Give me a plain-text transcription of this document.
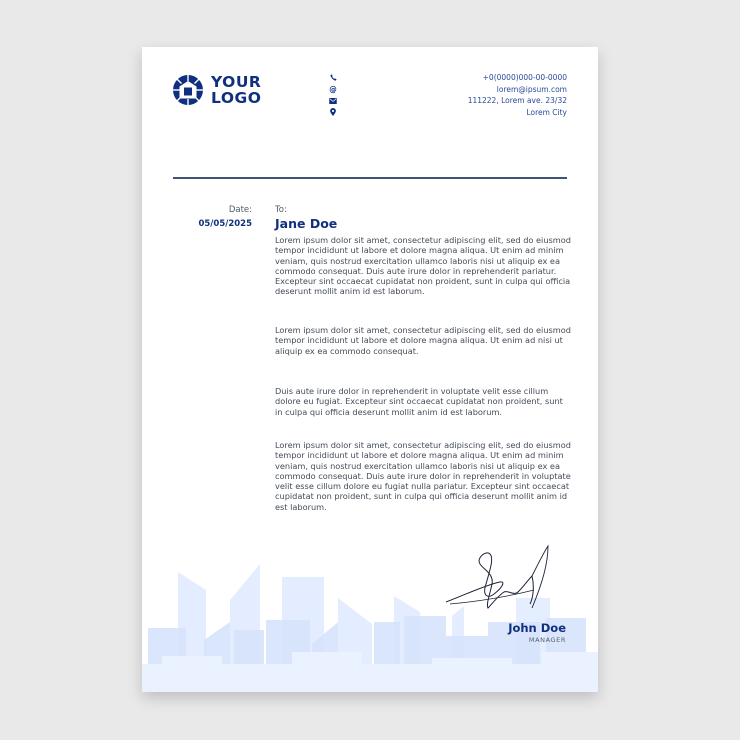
YOUR
LOGO
+0(0000)000-00-0000
@	lorem@ipsum.com
111222, Lorem ave. 23/32
Lorem City
Date:
05/05/2025
To:
Jane Doe

Lorem ipsum dolor sit amet, consectetur adipiscing elit, sed do eiusmod tempor incididunt ut labore et dolore magna aliqua. Ut enim ad minim veniam, quis nostrud exercitation ullamco laboris nisi ut aliquip ex ea commodo consequat. Duis aute irure dolor in reprehenderit pariatur. Excepteur sint occaecat cupidatat non proident, sunt in culpa qui officia deserunt mollit anim id est laborum.

Lorem ipsum dolor sit amet, consectetur adipiscing elit, sed do eiusmod tempor incididunt ut labore et dolore magna aliqua. Ut enim ad nisi ut aliquip ex ea commodo consequat.

Duis aute irure dolor in reprehenderit in voluptate velit esse cillum dolore eu fugiat. Excepteur sint occaecat cupidatat non proident, sunt in culpa qui officia deserunt mollit anim id est laborum.

Lorem ipsum dolor sit amet, consectetur adipiscing elit, sed do eiusmod tempor incididunt ut labore et dolore magna aliqua. Ut enim ad minim veniam, quis nostrud exercitation ullamco laboris nisi ut aliquip ex ea commodo consequat. Duis aute irure dolor in reprehenderit in voluptate velit esse cillum dolore eu fugiat nulla pariatur. Excepteur sint occaecat cupidatat non proident, sunt in culpa qui officia deserunt mollit anim id est laborum.

John Doe
MANAGER
